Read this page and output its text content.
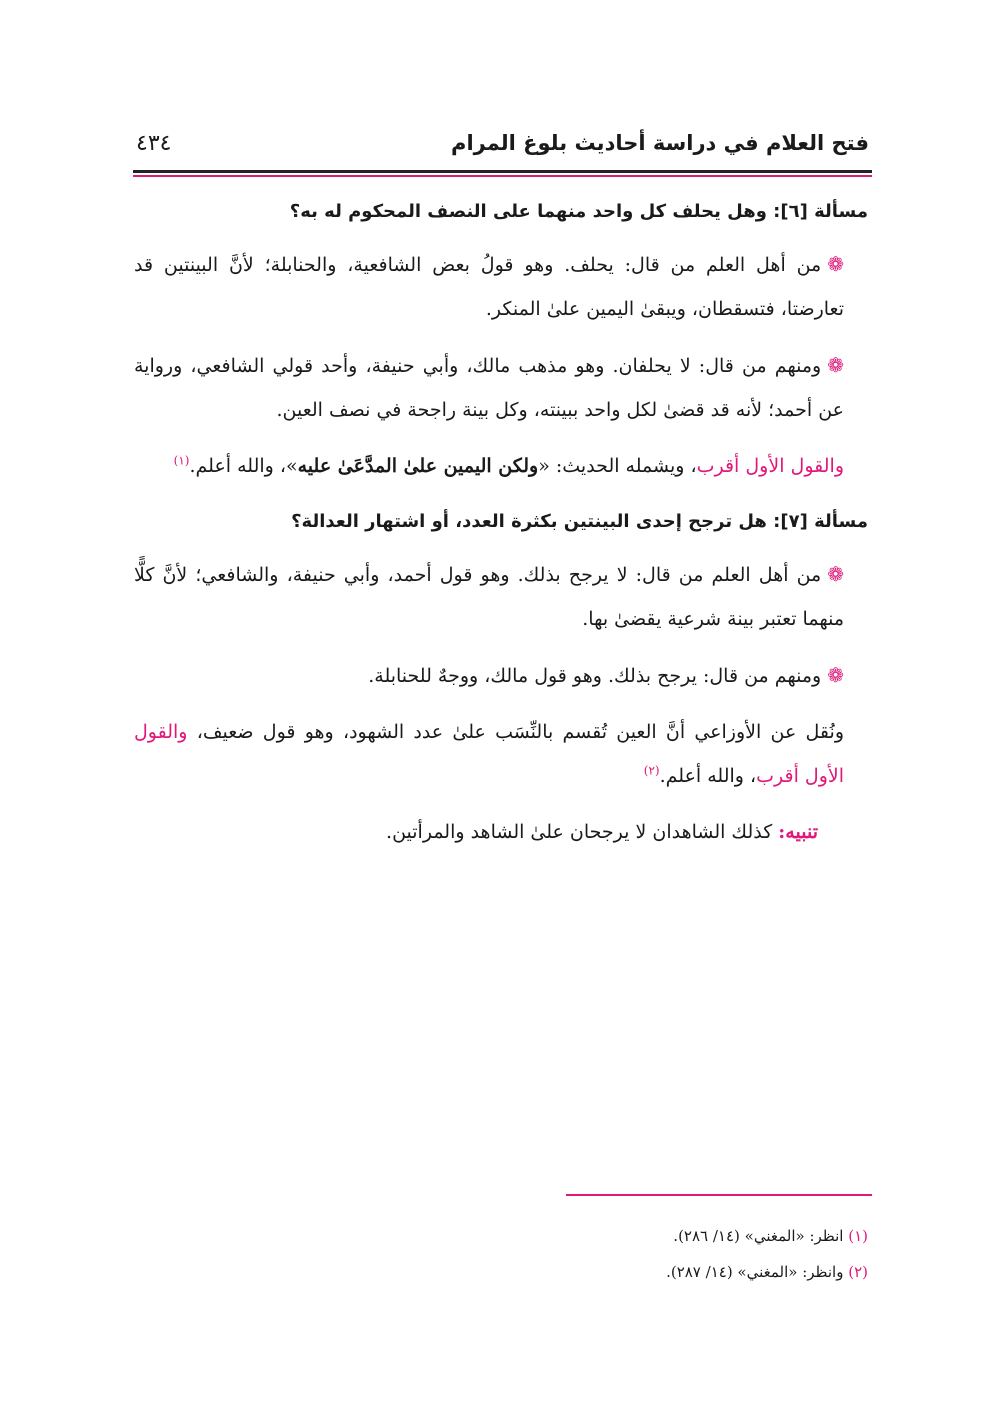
٤٣٤	فتح العلام في دراسة أحاديث بلوغ المرام

مسألة [٦]: وهل يحلف كل واحد منهما على النصف المحكوم له به؟

❁من أهل العلم من قال: يحلف. وهو قولُ بعض الشافعية، والحنابلة؛ لأنَّ البينتين قد تعارضتا، فتسقطان، ويبقىٰ اليمين علىٰ المنكر.

❁ومنهم من قال: لا يحلفان. وهو مذهب مالك، وأبي حنيفة، وأحد قولي الشافعي، ورواية عن أحمد؛ لأنه قد قضىٰ لكل واحد ببينته، وكل بينة راجحة في نصف العين.

والقول الأول أقرب، ويشمله الحديث: «ولكن اليمين علىٰ المدَّعَىٰ عليه»، والله أعلم.$^{(١)}$

مسألة [٧]: هل ترجح إحدى البينتين بكثرة العدد، أو اشتهار العدالة؟

❁من أهل العلم من قال: لا يرجح بذلك. وهو قول أحمد، وأبي حنيفة، والشافعي؛ لأنَّ كلًّا منهما تعتبر بينة شرعية يقضىٰ بها.

❁ومنهم من قال: يرجح بذلك. وهو قول مالك، ووجهٌ للحنابلة.

ونُقل عن الأوزاعي أنَّ العين تُقسم بالنِّسَب علىٰ عدد الشهود، وهو قول ضعيف، والقول الأول أقرب، والله أعلم.$^{(٢)}$

تنبيه: كذلك الشاهدان لا يرجحان علىٰ الشاهد والمرأتين.

(١) انظر: «المغني» (١٤/ ٢٨٦).
(٢) وانظر: «المغني» (١٤/ ٢٨٧).
